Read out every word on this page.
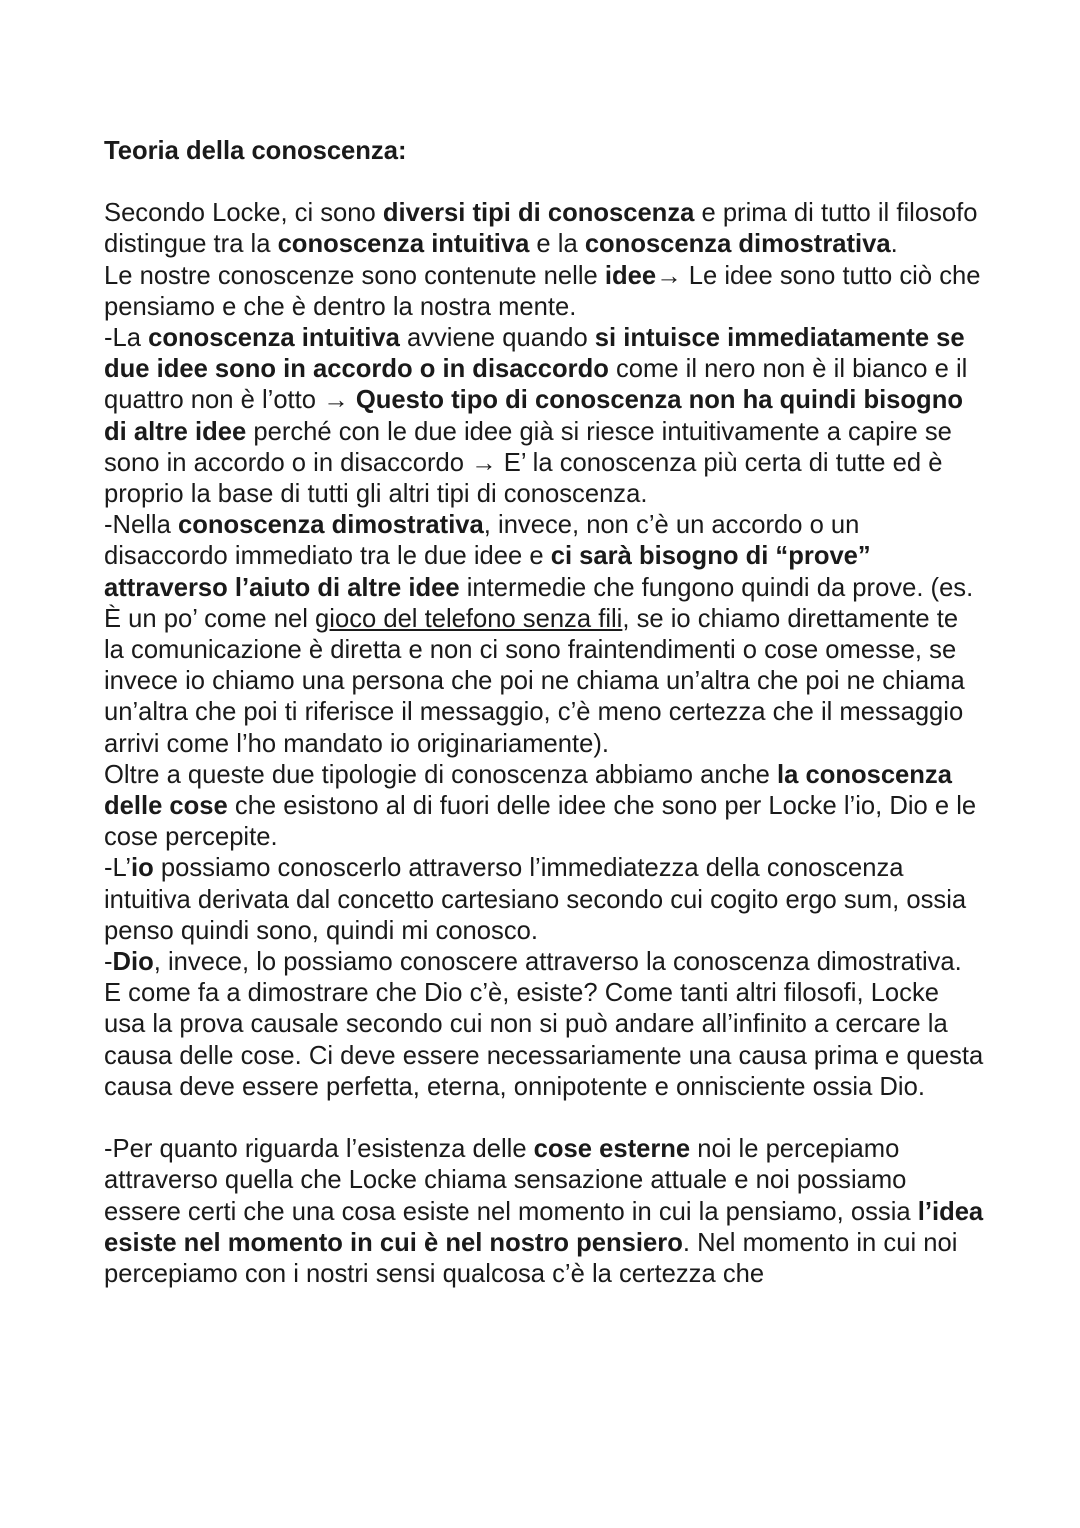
Teoria della conoscenza:

Secondo Locke, ci sono diversi tipi di conoscenza e prima di tutto il filosofo distingue tra la conoscenza intuitiva e la conoscenza dimostrativa.

Le nostre conoscenze sono contenute nelle idee→ Le idee sono tutto ciò che pensiamo e che è dentro la nostra mente.

-La conoscenza intuitiva avviene quando si intuisce immediatamente se due idee sono in accordo o in disaccordo come il nero non è il bianco e il quattro non è l’otto → Questo tipo di conoscenza non ha quindi bisogno di altre idee perché con le due idee già si riesce intuitivamente a capire se sono in accordo o in disaccordo → E’ la conoscenza più certa di tutte ed è proprio la base di tutti gli altri tipi di conoscenza.

-Nella conoscenza dimostrativa, invece, non c’è un accordo o un disaccordo immediato tra le due idee e ci sarà bisogno di “prove” attraverso l’aiuto di altre idee intermedie che fungono quindi da prove. (es. È un po’ come nel gioco del telefono senza fili, se io chiamo direttamente te la comunicazione è diretta e non ci sono fraintendimenti o cose omesse, se invece io chiamo una persona che poi ne chiama un’altra che poi ne chiama un’altra che poi ti riferisce il messaggio, c’è meno certezza che il messaggio arrivi come l’ho mandato io originariamente).

Oltre a queste due tipologie di conoscenza abbiamo anche la conoscenza delle cose che esistono al di fuori delle idee che sono per Locke l’io, Dio e le cose percepite.

-L’io possiamo conoscerlo attraverso l’immediatezza della conoscenza intuitiva derivata dal concetto cartesiano secondo cui cogito ergo sum, ossia penso quindi sono, quindi mi conosco.

-Dio, invece, lo possiamo conoscere attraverso la conoscenza dimostrativa. E come fa a dimostrare che Dio c’è, esiste? Come tanti altri filosofi, Locke usa la prova causale secondo cui non si può andare all’infinito a cercare la causa delle cose. Ci deve essere necessariamente una causa prima e questa causa deve essere perfetta, eterna, onnipotente e onnisciente ossia Dio.

-Per quanto riguarda l’esistenza delle cose esterne noi le percepiamo attraverso quella che Locke chiama sensazione attuale e noi possiamo essere certi che una cosa esiste nel momento in cui la pensiamo, ossia l’idea esiste nel momento in cui è nel nostro pensiero. Nel momento in cui noi percepiamo con i nostri sensi qualcosa c’è la certezza che
